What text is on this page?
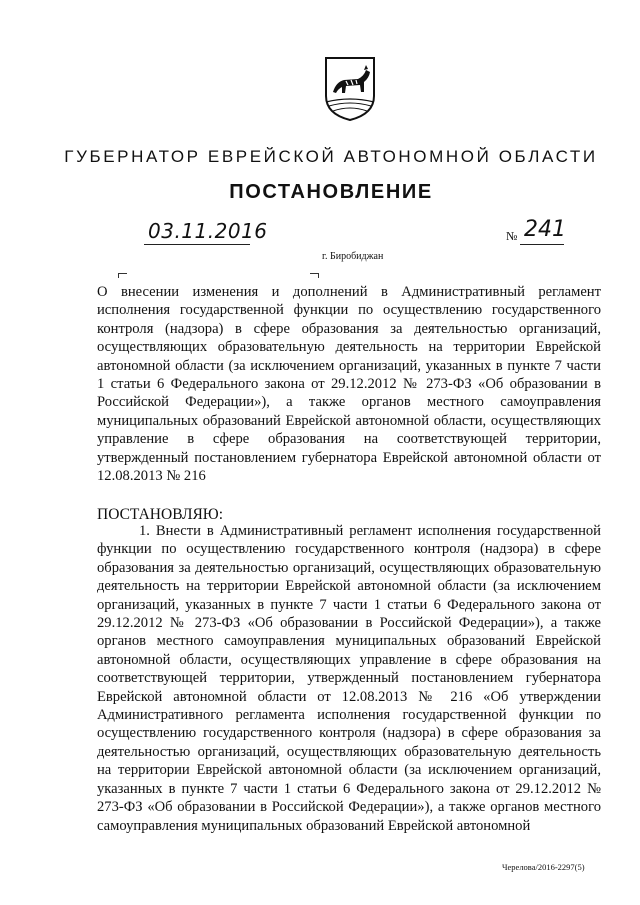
ГУБЕРНАТОР ЕВРЕЙСКОЙ АВТОНОМНОЙ ОБЛАСТИ
ПОСТАНОВЛЕНИЕ
03.11.2016	№ 241
г. Биробиджан
О внесении изменения и дополнений в Административный регламент исполнения государственной функции по осуществлению государственного контроля (надзора) в сфере образования за деятельностью организаций, осуществляющих образовательную деятельность на территории Еврейской автономной области (за исключением организаций, указанных в пункте 7 части 1 статьи 6 Федерального закона от 29.12.2012 № 273-ФЗ «Об образовании в Российской Федерации»), а также органов местного самоуправления муниципальных образований Еврейской автономной области, осуществляющих управление в сфере образования на соответствующей территории, утвержденный постановлением губернатора Еврейской автономной области от 12.08.2013 № 216
ПОСТАНОВЛЯЮ:
1. Внести в Административный регламент исполнения государственной функции по осуществлению государственного контроля (надзора) в сфере образования за деятельностью организаций, осуществляющих образовательную деятельность на территории Еврейской автономной области (за исключением организаций, указанных в пункте 7 части 1 статьи 6 Федерального закона от 29.12.2012 № 273-ФЗ «Об образовании в Российской Федерации»), а также органов местного самоуправления муниципальных образований Еврейской автономной области, осуществляющих управление в сфере образования на соответствующей территории, утвержденный постановлением губернатора Еврейской автономной области от 12.08.2013 № 216 «Об утверждении Административного регламента исполнения государственной функции по осуществлению государственного контроля (надзора) в сфере образования за деятельностью организаций, осуществляющих образовательную деятельность на территории Еврейской автономной области (за исключением организаций, указанных в пункте 7 части 1 статьи 6 Федерального закона от 29.12.2012 № 273-ФЗ «Об образовании в Российской Федерации»), а также органов местного самоуправления муниципальных образований Еврейской автономной
Черелова/2016-2297(5)
